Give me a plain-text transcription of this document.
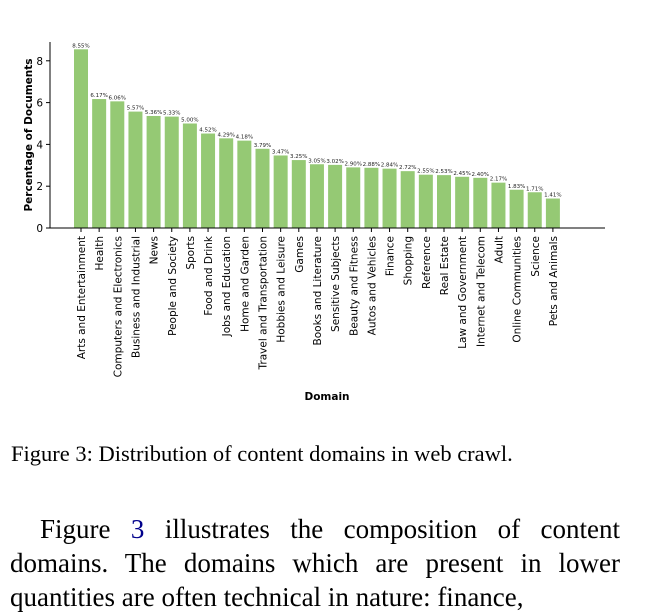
8.55%
6.17% 6.06%
5.57%
5.36% 5.33%
5.00%
4.52%
4.29% 4.18%
3.79%
3.47%
3.25%
3.05% 3.02% 2.90% 2.88% 2.84% 2.72%
2.55% 2.53% 2.45% 2.40%
2.17%
1.83% 1.71%
1.41%
0
2
4
6
8
Arts and Entertainment Health Computers and Electronics Business and Industrial News People and Society Sports Food and Drink Jobs and Education Home and Garden Travel and Transportation Hobbies and Leisure Games Books and Literature Sensitive Subjects Beauty and Fitness Autos and Vehicles Finance Shopping Reference Real Estate Law and Government Internet and Telecom Adult Online Communities Science Pets and Animals
Percentage of Documents
Domain
Figure 3: Distribution of content domains in web crawl.

Figure 3 illustrates the composition of content domains. The domains which are present in lower quantities are often technical in nature: finance,
